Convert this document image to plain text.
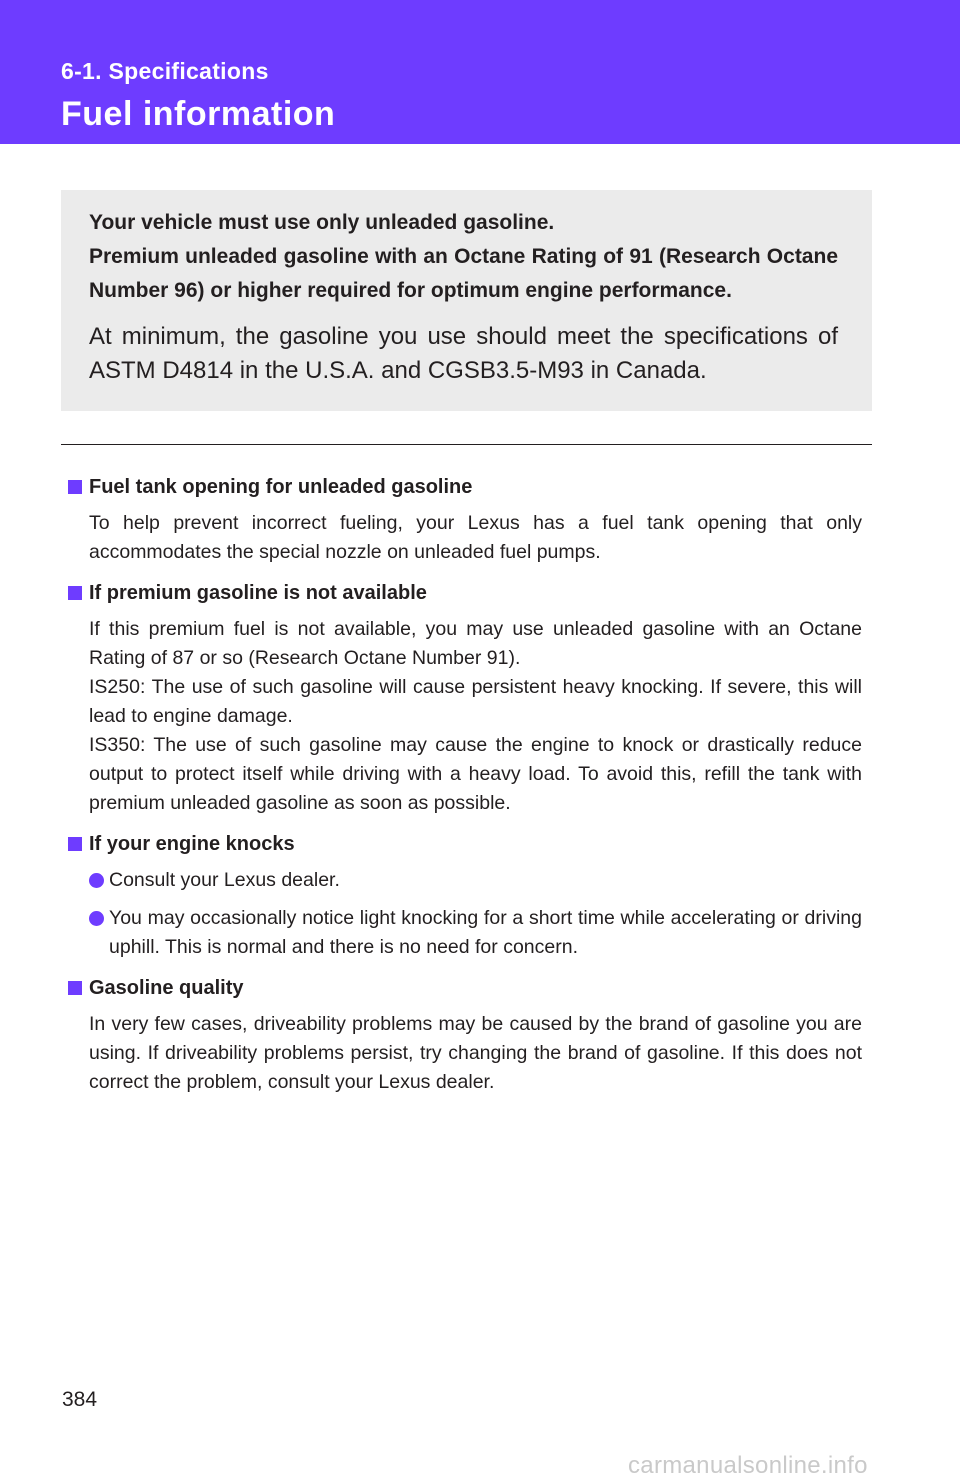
6-1. Specifications
Fuel information

Your vehicle must use only unleaded gasoline.

Premium unleaded gasoline with an Octane Rating of 91 (Research Octane Number 96) or higher required for optimum engine performance.

At minimum, the gasoline you use should meet the specifications of ASTM D4814 in the U.S.A. and CGSB3.5-M93 in Canada.

Fuel tank opening for unleaded gasoline

To help prevent incorrect fueling, your Lexus has a fuel tank opening that only accommodates the special nozzle on unleaded fuel pumps.

If premium gasoline is not available

If this premium fuel is not available, you may use unleaded gasoline with an Octane Rating of 87 or so (Research Octane Number 91).

IS250: The use of such gasoline will cause persistent heavy knocking. If severe, this will lead to engine damage.

IS350: The use of such gasoline may cause the engine to knock or drastically reduce output to protect itself while driving with a heavy load. To avoid this, refill the tank with premium unleaded gasoline as soon as possible.

If your engine knocks
Consult your Lexus dealer.
You may occasionally notice light knocking for a short time while accelerating or driving uphill. This is normal and there is no need for concern.
Gasoline quality

In very few cases, driveability problems may be caused by the brand of gasoline you are using. If driveability problems persist, try changing the brand of gasoline. If this does not correct the problem, consult your Lexus dealer.

384
carmanualsonline.info
